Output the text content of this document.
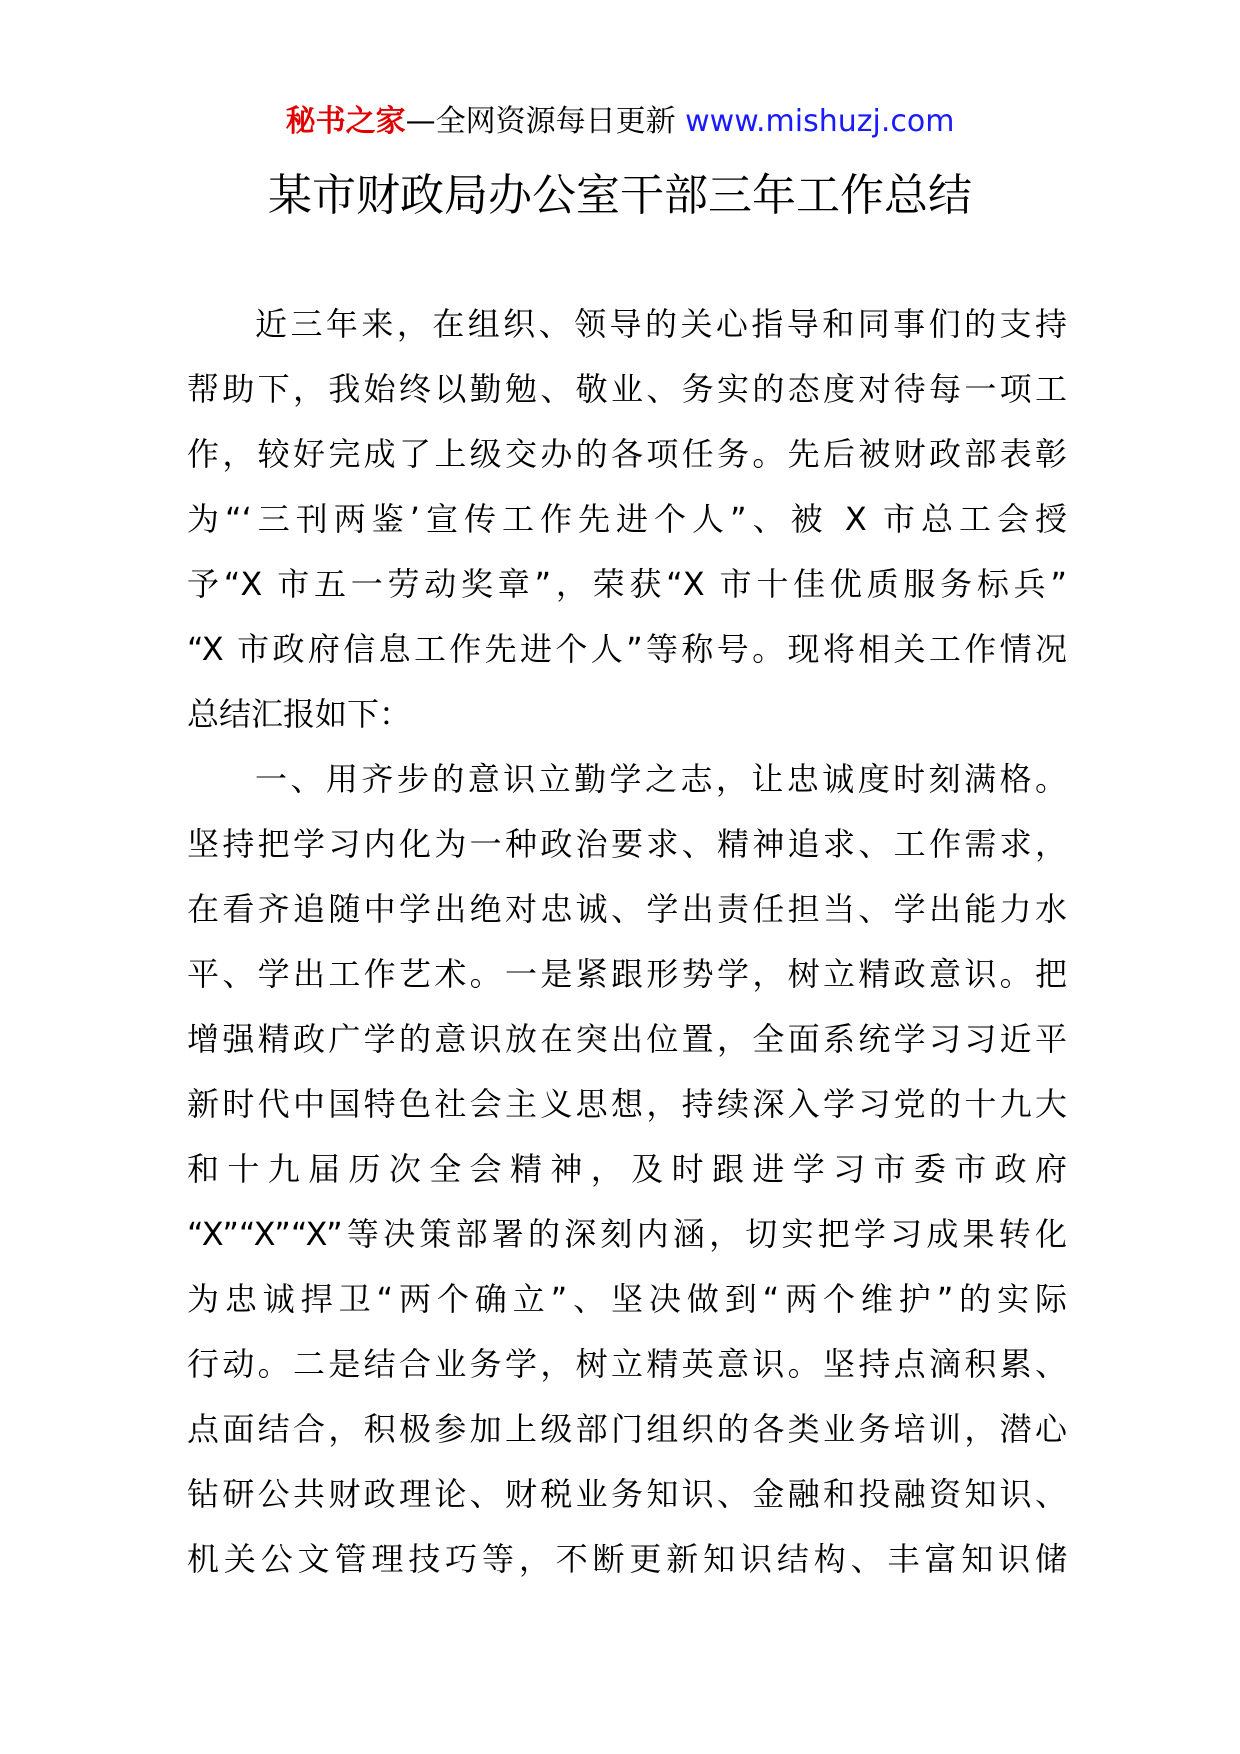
秘书之家—全网资源每日更新 www.mishuzj.com
某市财政局办公室干部三年工作总结
近三年来，在组织、领导的关心指导和同事们的支持
帮助下，我始终以勤勉、敬业、务实的态度对待每一项工
作，较好完成了上级交办的各项任务。先后被财政部表彰
为“‘三刊两鉴’宣传工作先进个人”、被 X 市总工会授
予“X 市五一劳动奖章”，荣获“X 市十佳优质服务标兵”
“X 市政府信息工作先进个人”等称号。现将相关工作情况
总结汇报如下：
一、用齐步的意识立勤学之志，让忠诚度时刻满格。
坚持把学习内化为一种政治要求、精神追求、工作需求，
在看齐追随中学出绝对忠诚、学出责任担当、学出能力水
平、学出工作艺术。一是紧跟形势学，树立精政意识。把
增强精政广学的意识放在突出位置，全面系统学习习近平
新时代中国特色社会主义思想，持续深入学习党的十九大
和十九届历次全会精神，及时跟进学习市委市政府
“X”“X”“X”等决策部署的深刻内涵，切实把学习成果转化
为忠诚捍卫“两个确立”、坚决做到“两个维护”的实际
行动。二是结合业务学，树立精英意识。坚持点滴积累、
点面结合，积极参加上级部门组织的各类业务培训，潜心
钻研公共财政理论、财税业务知识、金融和投融资知识、
机关公文管理技巧等，不断更新知识结构、丰富知识储
